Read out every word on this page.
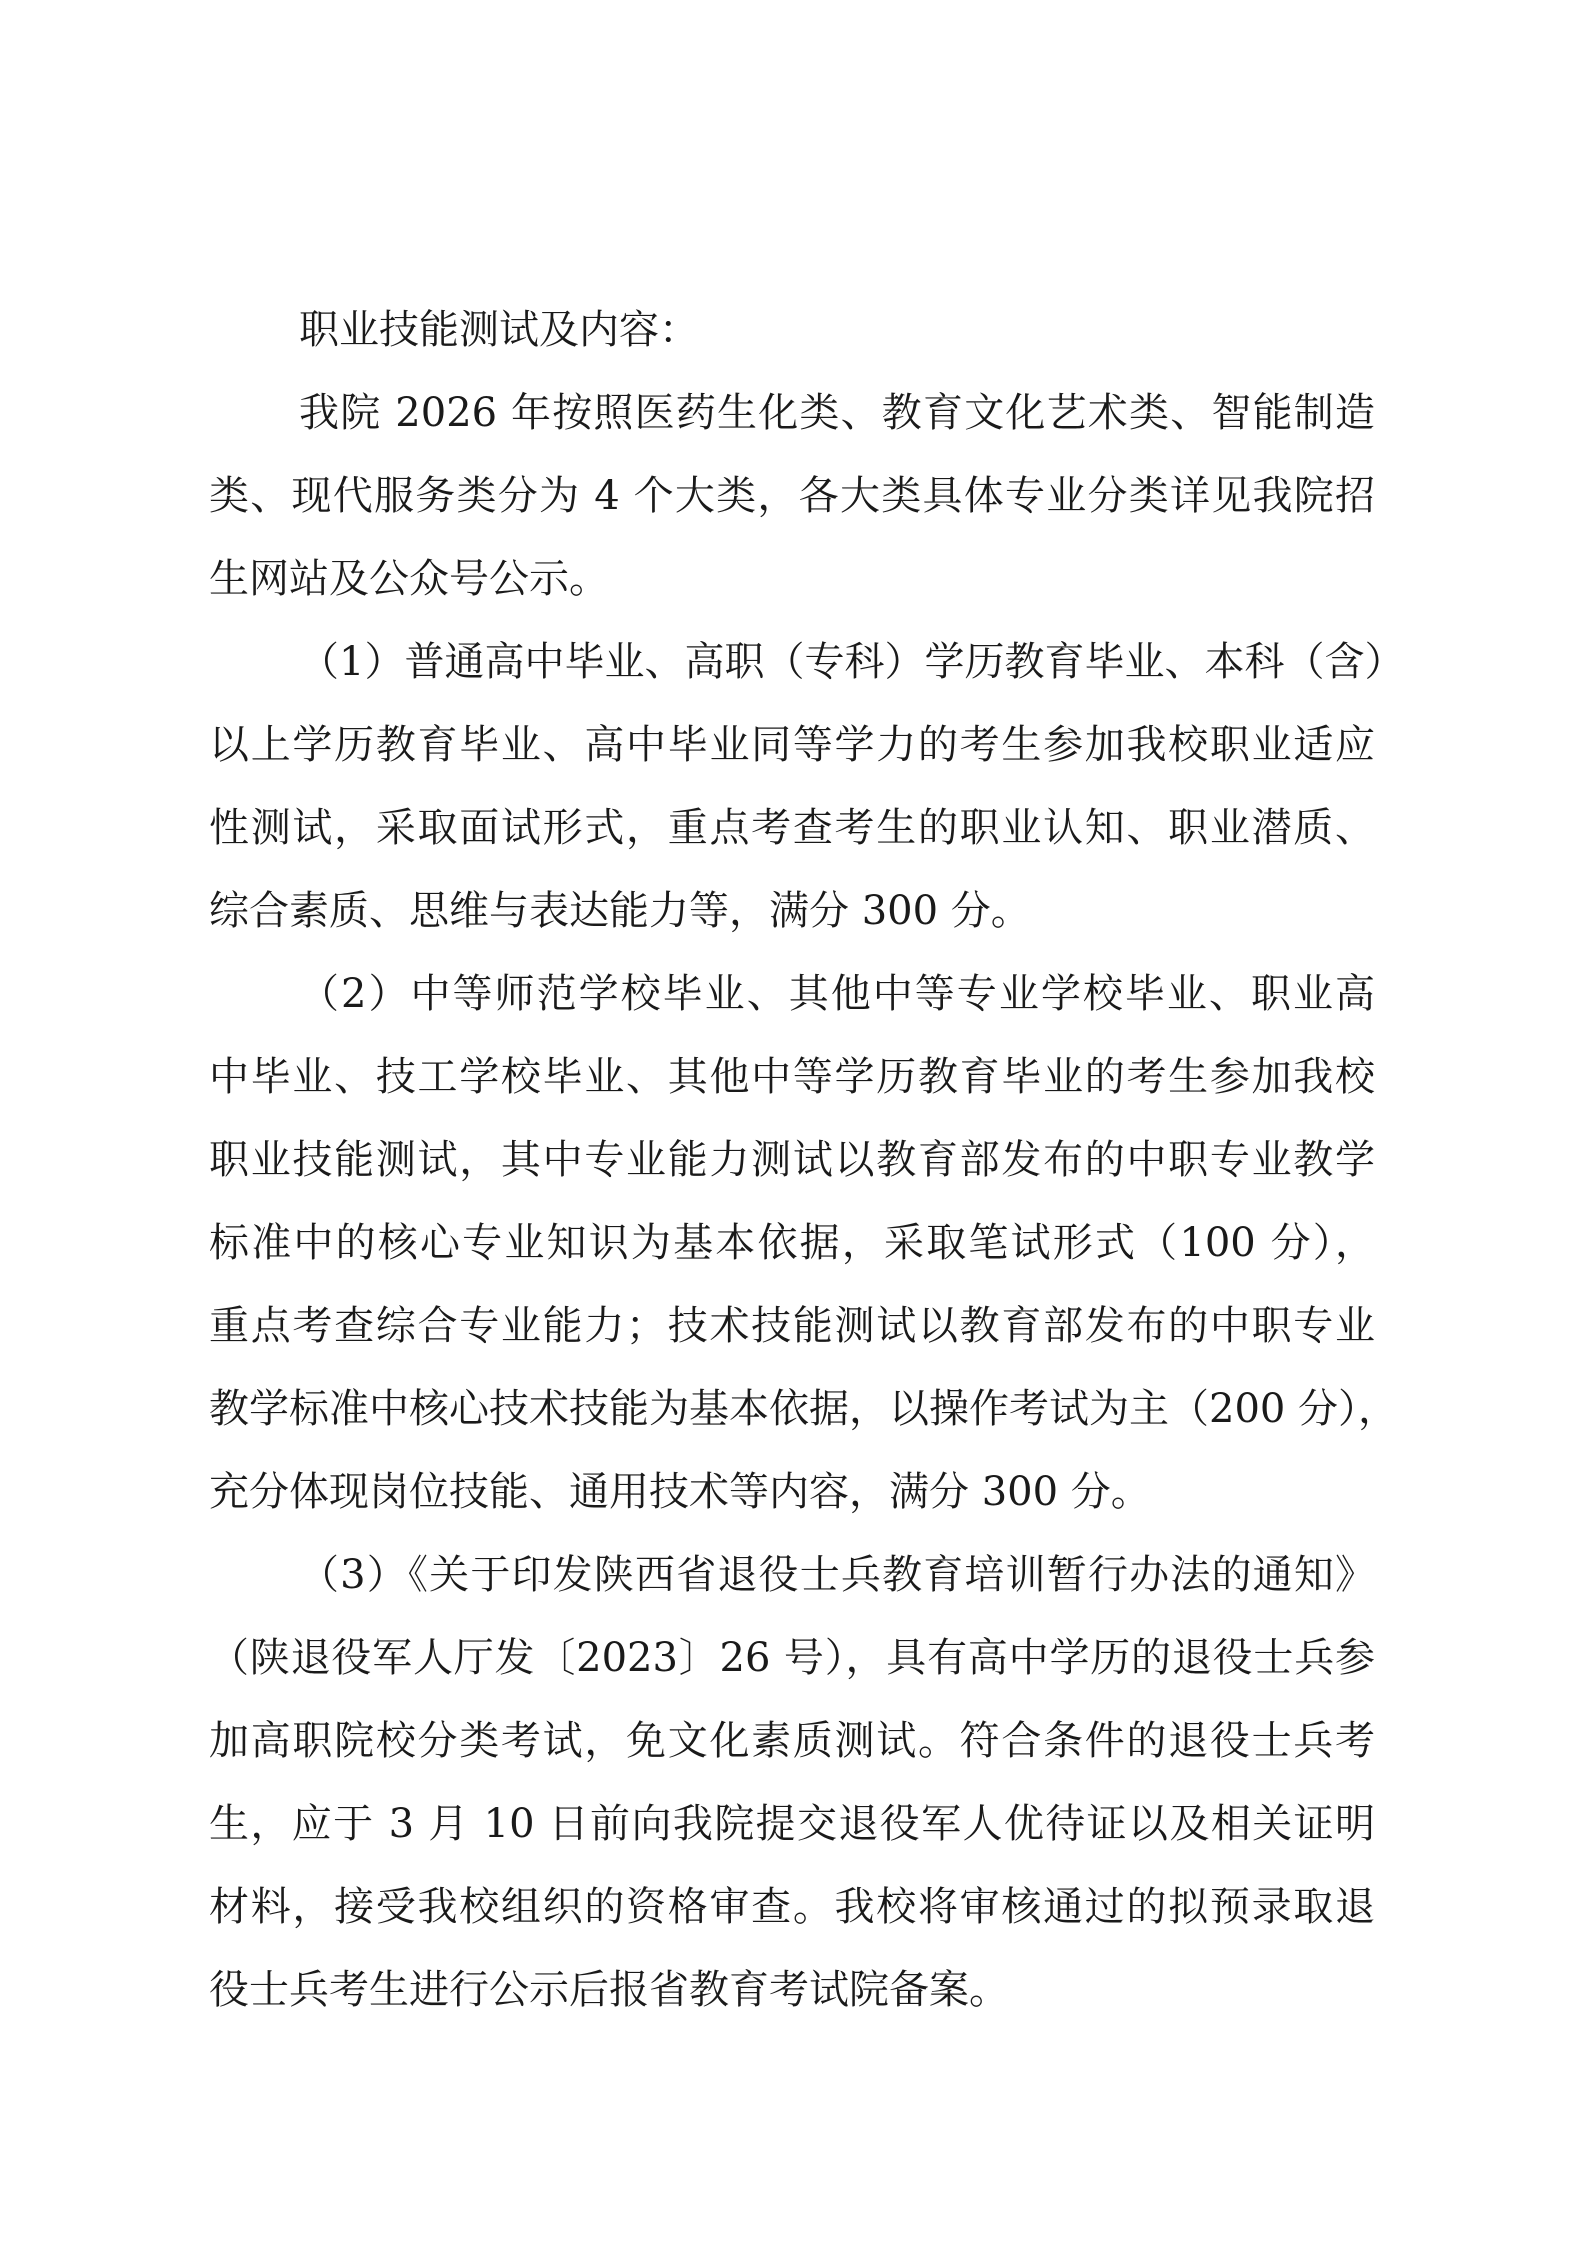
职业技能测试及内容：
我院 2026 年按照医药生化类、教育文化艺术类、智能制造
类、现代服务类分为 4 个大类，各大类具体专业分类详见我院招
生网站及公众号公示。
（1）普通高中毕业、高职（专科）学历教育毕业、本科（含）
以上学历教育毕业、高中毕业同等学力的考生参加我校职业适应
性测试，采取面试形式，重点考查考生的职业认知、职业潜质、
综合素质、思维与表达能力等，满分 300 分。
（2）中等师范学校毕业、其他中等专业学校毕业、职业高
中毕业、技工学校毕业、其他中等学历教育毕业的考生参加我校
职业技能测试，其中专业能力测试以教育部发布的中职专业教学
标准中的核心专业知识为基本依据，采取笔试形式（100 分），
重点考查综合专业能力；技术技能测试以教育部发布的中职专业
教学标准中核心技术技能为基本依据，以操作考试为主（200 分），
充分体现岗位技能、通用技术等内容，满分 300 分。
（3）《关于印发陕西省退役士兵教育培训暂行办法的通知》
（陕退役军人厅发〔2023〕26 号），具有高中学历的退役士兵参
加高职院校分类考试，免文化素质测试。符合条件的退役士兵考
生，应于 3 月 10 日前向我院提交退役军人优待证以及相关证明
材料，接受我校组织的资格审查。我校将审核通过的拟预录取退
役士兵考生进行公示后报省教育考试院备案。
